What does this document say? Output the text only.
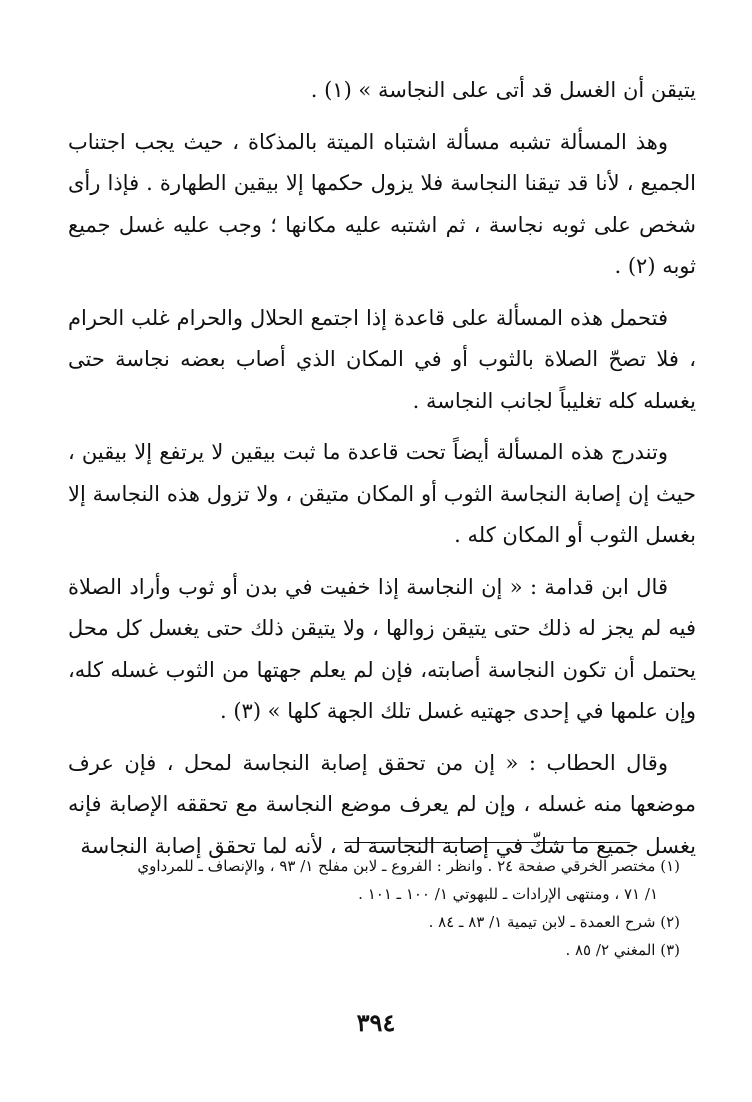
يتيقن أن الغسل قد أتى على النجاسة » (١) .

وهذ المسألة تشبه مسألة اشتباه الميتة بالمذكاة ، حيث يجب اجتناب الجميع ، لأنا قد تيقنا النجاسة فلا يزول حكمها إلا بيقين الطهارة . فإذا رأى شخص على ثوبه نجاسة ، ثم اشتبه عليه مكانها ؛ وجب عليه غسل جميع ثوبه (٢) .

فتحمل هذه المسألة على قاعدة إذا اجتمع الحلال والحرام غلب الحرام ، فلا تصحّ الصلاة بالثوب أو في المكان الذي أصاب بعضه نجاسة حتى يغسله كله تغليباً لجانب النجاسة .

وتندرج هذه المسألة أيضاً تحت قاعدة ما ثبت بيقين لا يرتفع إلا بيقين ، حيث إن إصابة النجاسة الثوب أو المكان متيقن ، ولا تزول هذه النجاسة إلا بغسل الثوب أو المكان كله .

قال ابن قدامة : « إن النجاسة إذا خفيت في بدن أو ثوب وأراد الصلاة فيه لم يجز له ذلك حتى يتيقن زوالها ، ولا يتيقن ذلك حتى يغسل كل محل يحتمل أن تكون النجاسة أصابته، فإن لم يعلم جهتها من الثوب غسله كله، وإن علمها في إحدى جهتيه غسل تلك الجهة كلها » (٣) .

وقال الحطاب : « إن من تحقق إصابة النجاسة لمحل ، فإن عرف موضعها منه غسله ، وإن لم يعرف موضع النجاسة مع تحققه الإصابة فإنه يغسل جميع ما شكّ في إصابة النجاسة له ، لأنه لما تحقق إصابة النجاسة

(١) مختصر الخرقي صفحة ٢٤ . وانظر : الفروع ـ لابن مفلح ١/ ٩٣ ، والإنصاف ـ للمرداوي

١/ ٧١ ، ومنتهى الإرادات ـ للبهوتي ١/ ١٠٠ ـ ١٠١ .

(٢) شرح العمدة ـ لابن تيمية ١/ ٨٣ ـ ٨٤ .

(٣) المغني ٢/ ٨٥ .

٣٩٤
